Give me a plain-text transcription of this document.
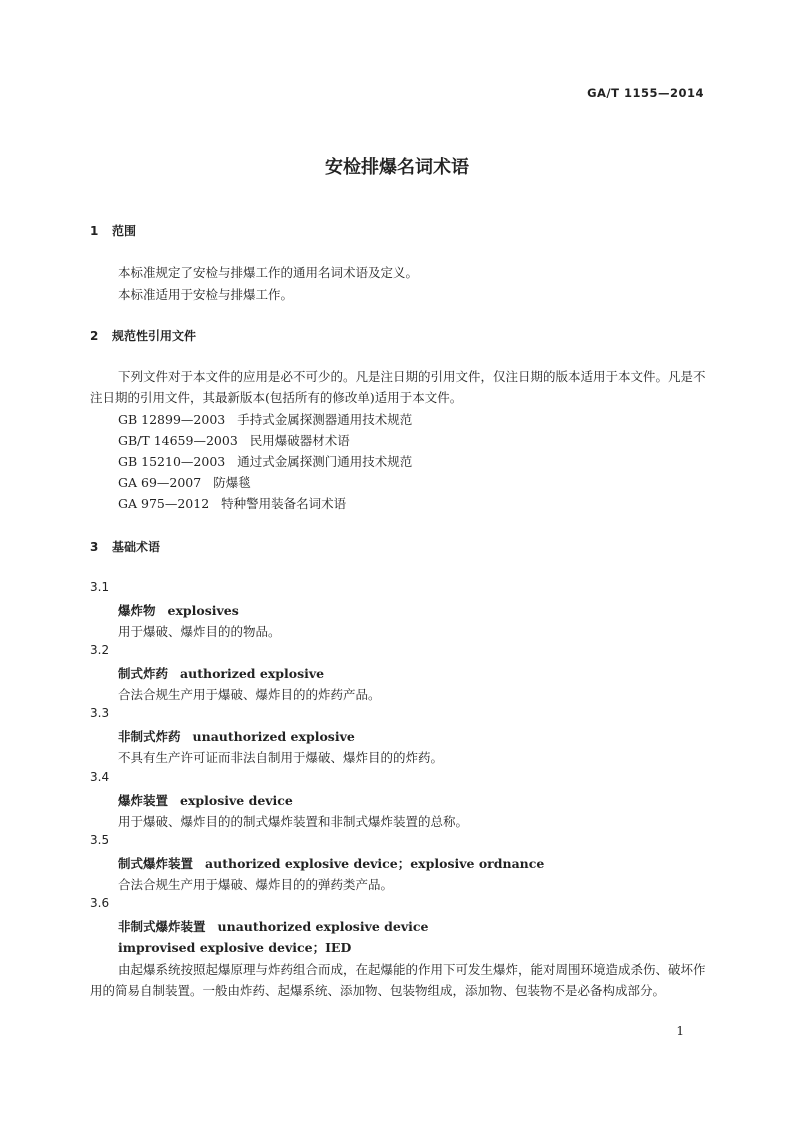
GA/T 1155—2014
安检排爆名词术语
1 范围
本标准规定了安检与排爆工作的通用名词术语及定义。
本标准适用于安检与排爆工作。
2 规范性引用文件
下列文件对于本文件的应用是必不可少的。凡是注日期的引用文件，仅注日期的版本适用于本文件。凡是不注日期的引用文件，其最新版本(包括所有的修改单)适用于本文件。
GB 12899—2003 手持式金属探测器通用技术规范
GB/T 14659—2003 民用爆破器材术语
GB 15210—2003 通过式金属探测门通用技术规范
GA 69—2007 防爆毯
GA 975—2012 特种警用装备名词术语
3 基础术语
3.1
爆炸物 explosives
用于爆破、爆炸目的的物品。
3.2
制式炸药 authorized explosive
合法合规生产用于爆破、爆炸目的的炸药产品。
3.3
非制式炸药 unauthorized explosive
不具有生产许可证而非法自制用于爆破、爆炸目的的炸药。
3.4
爆炸装置 explosive device
用于爆破、爆炸目的的制式爆炸装置和非制式爆炸装置的总称。
3.5
制式爆炸装置 authorized explosive device；explosive ordnance
合法合规生产用于爆破、爆炸目的的弹药类产品。
3.6
非制式爆炸装置 unauthorized explosive device
improvised explosive device；IED
由起爆系统按照起爆原理与炸药组合而成，在起爆能的作用下可发生爆炸，能对周围环境造成杀伤、破坏作用的简易自制装置。一般由炸药、起爆系统、添加物、包装物组成，添加物、包装物不是必备构成部分。
1
